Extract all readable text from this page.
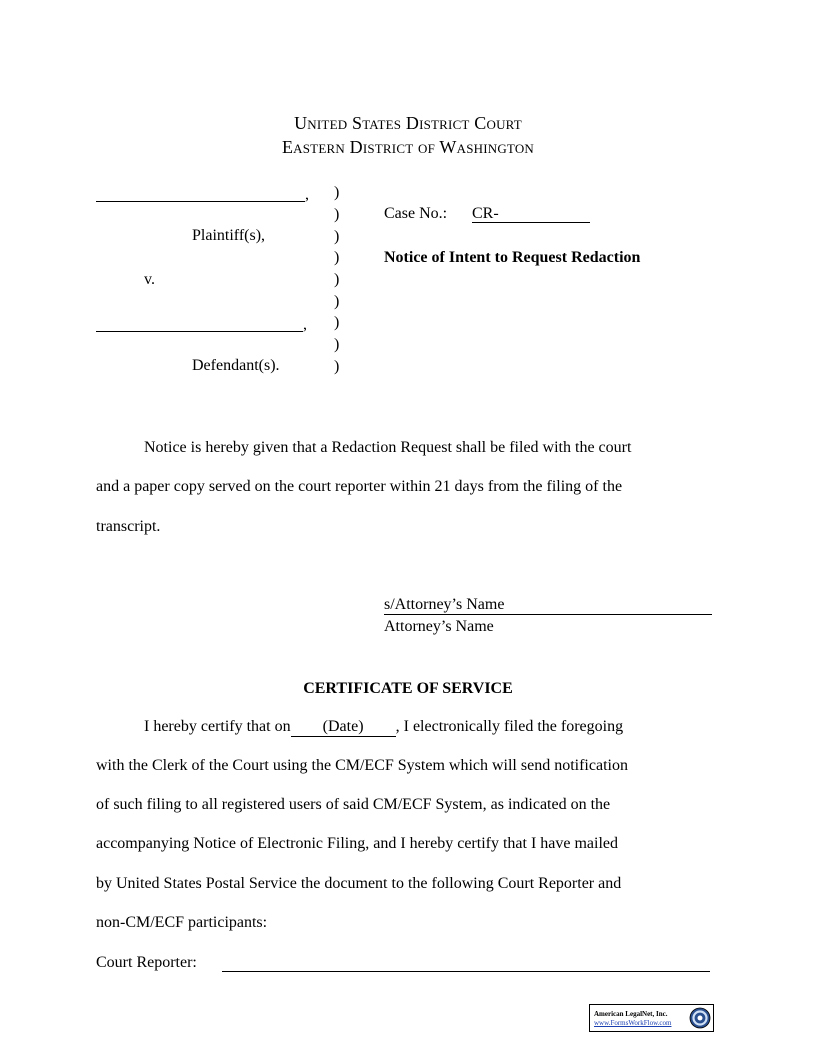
United States District Court
Eastern District of Washington
,
Plaintiff(s),
v.
,
Defendant(s).
)
)
)
)
)
)
)
)
)
Case No.: CR-
Notice of Intent to Request Redaction
Notice is hereby given that a Redaction Request shall be filed with the court
and a paper copy served on the court reporter within 21 days from the filing of the
transcript.
s/Attorney’s Name
Attorney’s Name
CERTIFICATE OF SERVICE
I hereby certify that on (Date) , I electronically filed the foregoing
with the Clerk of the Court using the CM/ECF System which will send notification
of such filing to all registered users of said CM/ECF System, as indicated on the
accompanying Notice of Electronic Filing, and I hereby certify that I have mailed
by United States Postal Service the document to the following Court Reporter and
non-CM/ECF participants:
Court Reporter:
American LegalNet, Inc.
www.FormsWorkFlow.com
